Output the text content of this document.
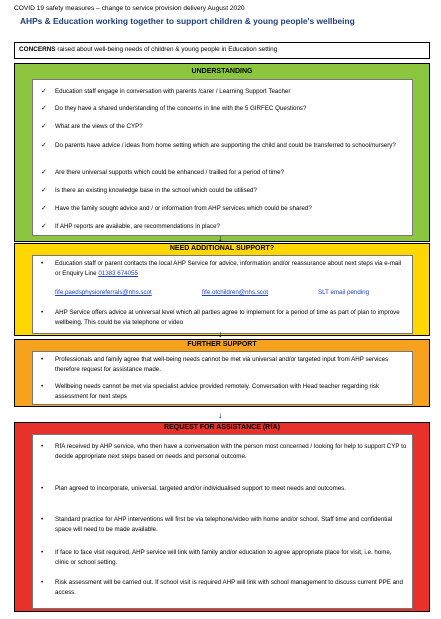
COVID 19 safety measures – change to service provision delivery August 2020
AHPs & Education working together to support children & young people's wellbeing
CONCERNS raised about well-being needs of children & young people in Education setting
UNDERSTANDING
✓ Education staff engage in conversation with parents /carer / Learning Support Teacher
✓ Do they have a shared understanding of the concerns in line with the 5 GIRFEC Questions?
✓ What are the views of the CYP?
✓ Do parents have advice / ideas from home setting which are supporting the child and could be transferred to school/nursery?
✓ Are there universal supports which could be enhanced / trailled for a period of time?
✓ Is there an existing knowledge base in the school which could be utilised?
✓ Have the family sought advice and / or information from AHP services which could be shared?
✓ If AHP reports are available, are recommendations in place?
↓
NEED ADDITIONAL SUPPORT?
• Education staff or parent contacts the local AHP Service for advice, information and/or reassurance about next steps via e-mail or Enquiry Line 01383 674055
fife.paedsphysioreferrals@nhs.scot	fife.otchildren@nhs.scot	SLT email pending
• AHP Service offers advice at universal level which all parties agree to implement for a period of time as part of plan to improve wellbeing. This could be via telephone or video
↓
FURTHER SUPPORT
• Professionals and family agree that well-being needs cannot be met via universal and/or targeted input from AHP services therefore request for assistance made.
• Wellbeing needs cannot be met via specialist advice provided remotely. Conversation with Head teacher regarding risk assessment for next steps
↓
REQUEST FOR ASSISTANCE (RfA)
• RfA received by AHP service, who then have a conversation with the person most concerned / looking for help to support CYP to decide appropriate next steps based on needs and personal outcome.
• Plan agreed to incorporate, universal, targeted and/or individualised support to meet needs and outcomes.
• Standard practice for AHP interventions will first be via telephone/video with home and/or school. Staff time and confidential space will need to be made available.
• If face to face visit required, AHP service will link with family and/or education to agree appropriate place for visit, i.e. home, clinic or school setting.
• Risk assessment will be carried out. If school visit is required AHP will link with school management to discuss current PPE and access.
